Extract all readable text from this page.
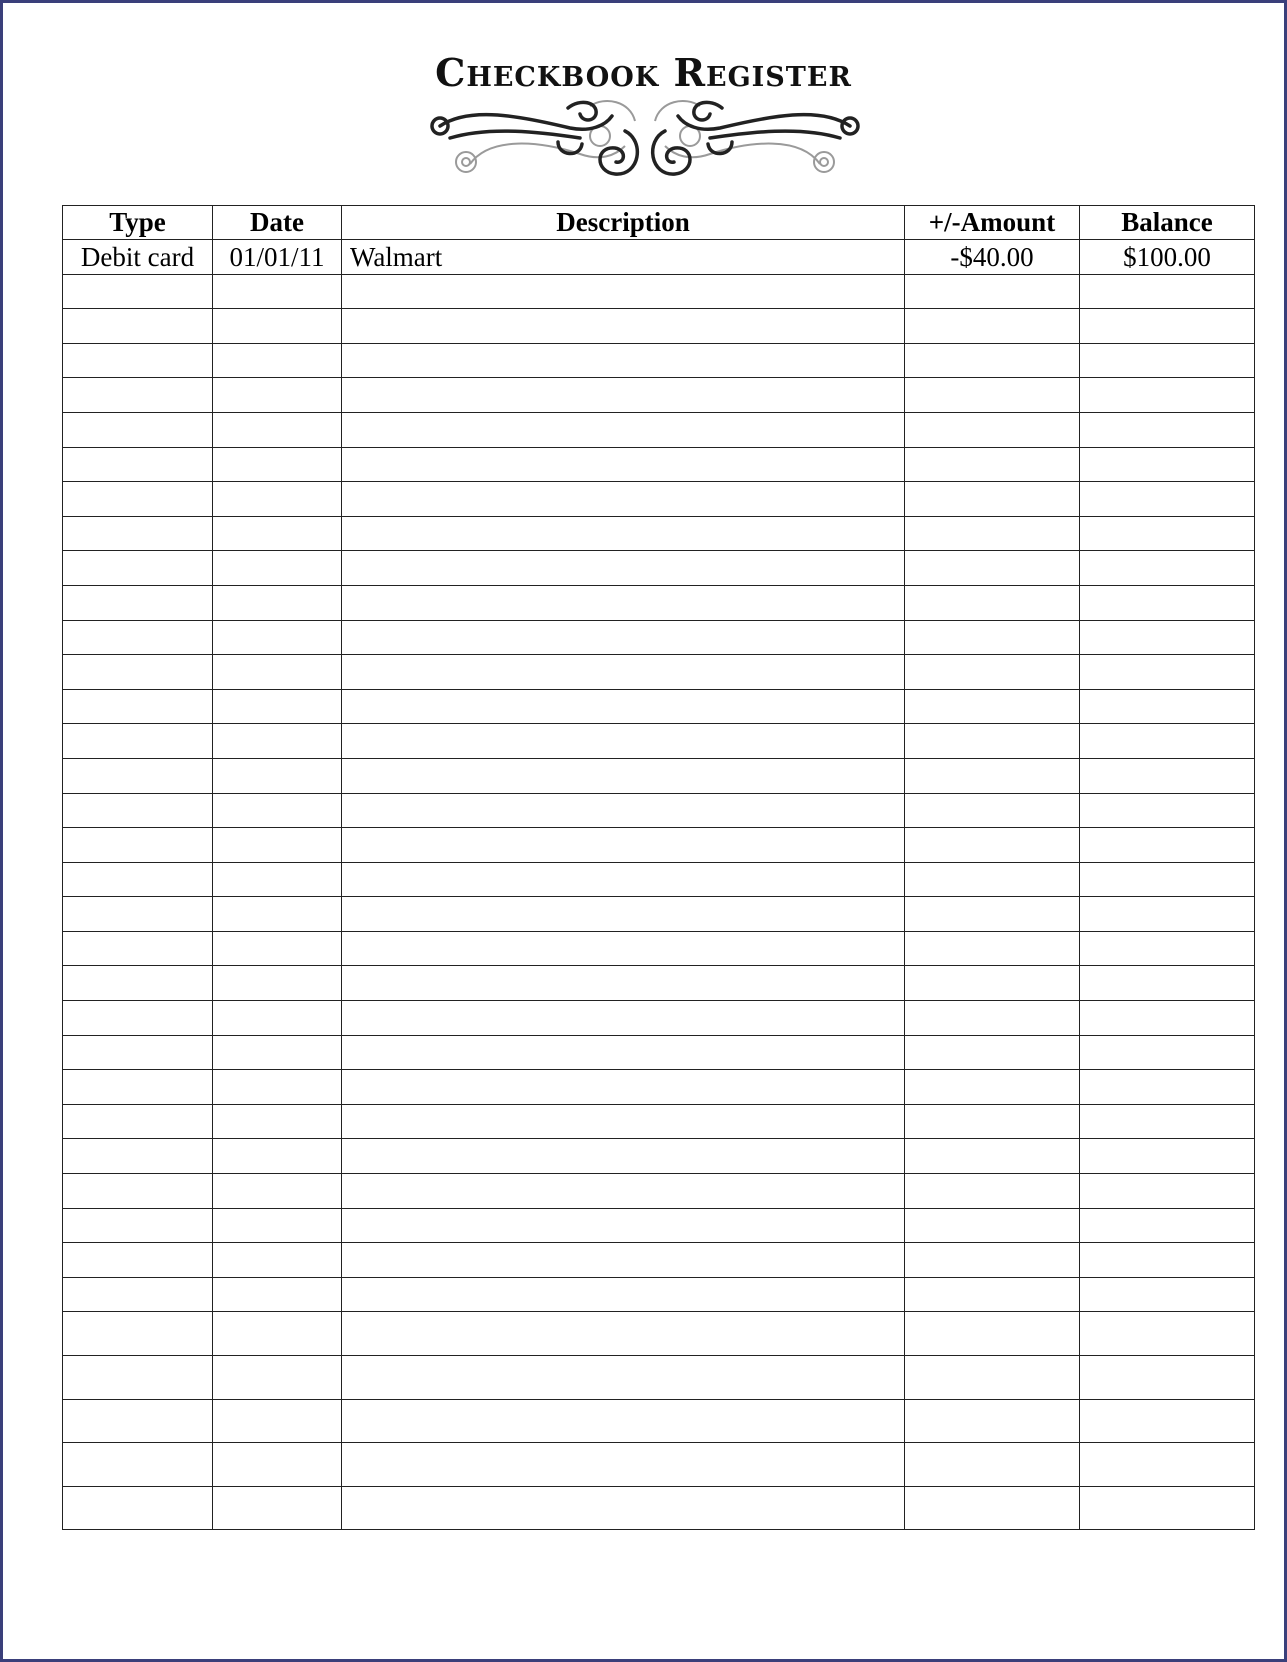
Checkbook Register
Type	Date	Description	+/-Amount	Balance
Debit card	01/01/11	Walmart	-$40.00	$100.00
